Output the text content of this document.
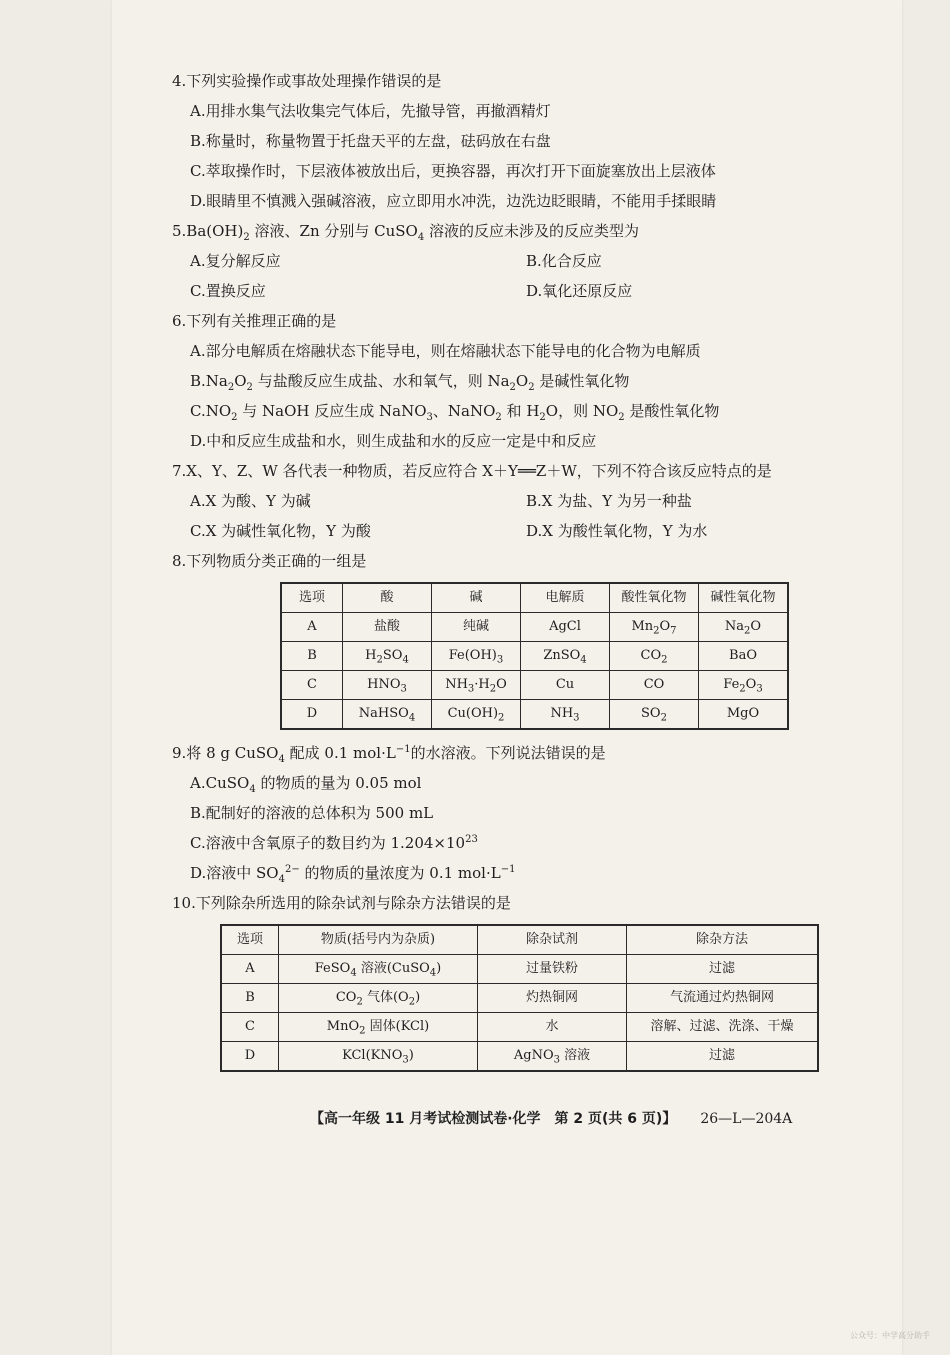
4.下列实验操作或事故处理操作错误的是
A.用排水集气法收集完气体后，先撤导管，再撤酒精灯
B.称量时，称量物置于托盘天平的左盘，砝码放在右盘
C.萃取操作时，下层液体被放出后，更换容器，再次打开下面旋塞放出上层液体
D.眼睛里不慎溅入强碱溶液，应立即用水冲洗，边洗边眨眼睛，不能用手揉眼睛
$5.Ba(OH)_2$ 溶液、Zn 分别与 CuSO$_4$ 溶液的反应未涉及的反应类型为
A.复分解反应	B.化合反应
C.置换反应	D.氧化还原反应
6.下列有关推理正确的是
A.部分电解质在熔融状态下能导电，则在熔融状态下能导电的化合物为电解质
$B.Na_2O_2$ 与盐酸反应生成盐、水和氧气，则 $Na_2O_2$ 是碱性氧化物
$C.NO_2$ 与 NaOH 反应生成 NaNO$_3$、NaNO$_2$ 和 $H_2O$，则 $NO_2$ 是酸性氧化物
D.中和反应生成盐和水，则生成盐和水的反应一定是中和反应
7.X、Y、Z、W 各代表一种物质，若反应符合 X＋Y══Z＋W，下列不符合该反应特点的是
A.X 为酸、Y 为碱	B.X 为盐、Y 为另一种盐
C.X 为碱性氧化物，Y 为酸	D.X 为酸性氧化物，Y 为水
8.下列物质分类正确的一组是
选项	酸	碱	电解质	酸性氧化物	碱性氧化物
A	盐酸	纯碱	AgCl	$Mn_2O_7$	$Na_2O$
B	$H_2SO_4$	$Fe(OH)_3$	ZnSO$_4$	$CO_2$	BaO
C	$HNO_3$	$NH_3\cdot H_2O$	Cu	CO	$Fe_2O_3$
D	NaHSO$_4$	$Cu(OH)_2$	$NH_3$	$SO_2$	MgO
9.将 8 g CuSO$_4$ 配成 0.1 $mol\cdot L^{-1}$的水溶液。下列说法错误的是
A.CuSO$_4$ 的物质的量为 0.05 mol
B.配制好的溶液的总体积为 500 mL
C.溶液中含氧原子的数目约为 $1.204\times 10^{23}$
D.溶液中 $SO_4^{2-}$ 的物质的量浓度为 0.1 $mol\cdot L^{-1}$
10.下列除杂所选用的除杂试剂与除杂方法错误的是
选项	物质(括号内为杂质)	除杂试剂	除杂方法
A	FeSO$_4$ 溶液(CuSO$_4$)	过量铁粉	过滤
B	$CO_2$ 气体$(O_2)$	灼热铜网	气流通过灼热铜网
C	MnO$_2$ 固体(KCl)	水	溶解、过滤、洗涤、干燥
D	$KCl(KNO_3)$	AgNO$_3$ 溶液	过滤
【高一年级 11 月考试检测试卷·化学　第 2 页(共 6 页)】 26—L—204A
公众号：中学高分助手
